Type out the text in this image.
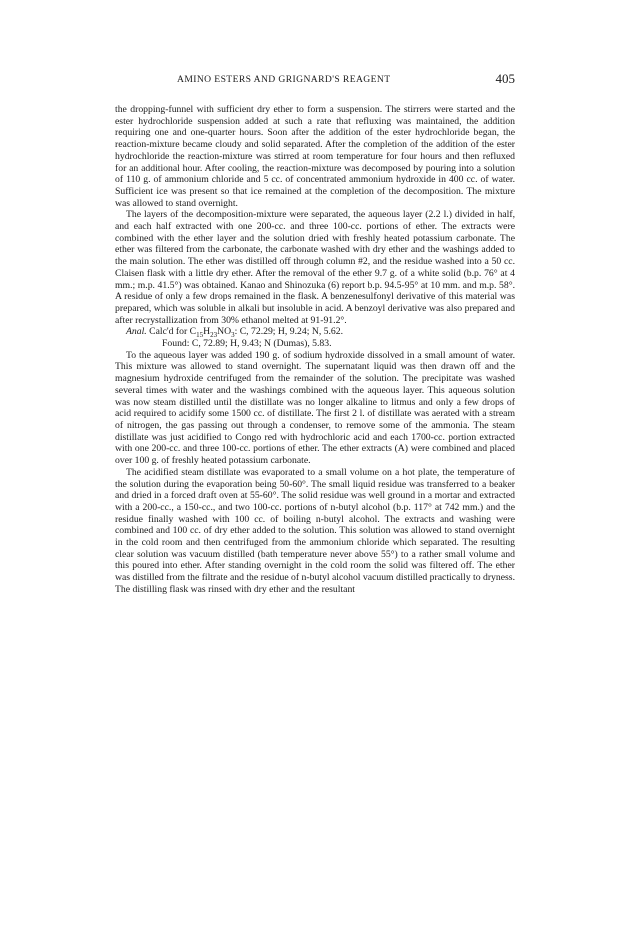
AMINO ESTERS AND GRIGNARD'S REAGENT	405

the dropping-funnel with sufficient dry ether to form a suspension. The stirrers were started and the ester hydrochloride suspension added at such a rate that refluxing was maintained, the addition requiring one and one-quarter hours. Soon after the addition of the ester hydrochloride began, the reaction-mixture became cloudy and solid separated. After the completion of the addition of the ester hydrochloride the reaction-mixture was stirred at room temperature for four hours and then refluxed for an additional hour. After cooling, the reaction-mixture was decomposed by pouring into a solution of 110 g. of ammonium chloride and 5 cc. of concentrated ammonium hydroxide in 400 cc. of water. Sufficient ice was present so that ice remained at the completion of the decomposition. The mixture was allowed to stand overnight.

The layers of the decomposition-mixture were separated, the aqueous layer (2.2 l.) divided in half, and each half extracted with one 200-cc. and three 100-cc. portions of ether. The extracts were combined with the ether layer and the solution dried with freshly heated potassium carbonate. The ether was filtered from the carbonate, the carbonate washed with dry ether and the washings added to the main solution. The ether was distilled off through column #2, and the residue washed into a 50 cc. Claisen flask with a little dry ether. After the removal of the ether 9.7 g. of a white solid (b.p. 76° at 4 mm.; m.p. 41.5°) was obtained. Kanao and Shinozuka (6) report b.p. 94.5-95° at 10 mm. and m.p. 58°. A residue of only a few drops remained in the flask. A benzenesulfonyl derivative of this material was prepared, which was soluble in alkali but insoluble in acid. A benzoyl derivative was also prepared and after recrystallization from 30% ethanol melted at 91-91.2°.

Anal. Calc'd for $C_{15}H_{23}NO_3$: C, 72.29; H, 9.24; N, 5.62.

Found: C, 72.89; H, 9.43; N (Dumas), 5.83.

To the aqueous layer was added 190 g. of sodium hydroxide dissolved in a small amount of water. This mixture was allowed to stand overnight. The supernatant liquid was then drawn off and the magnesium hydroxide centrifuged from the remainder of the solution. The precipitate was washed several times with water and the washings combined with the aqueous layer. This aqueous solution was now steam distilled until the distillate was no longer alkaline to litmus and only a few drops of acid required to acidify some 1500 cc. of distillate. The first 2 l. of distillate was aerated with a stream of nitrogen, the gas passing out through a condenser, to remove some of the ammonia. The steam distillate was just acidified to Congo red with hydrochloric acid and each 1700-cc. portion extracted with one 200-cc. and three 100-cc. portions of ether. The ether extracts (A) were combined and placed over 100 g. of freshly heated potassium carbonate.

The acidified steam distillate was evaporated to a small volume on a hot plate, the temperature of the solution during the evaporation being 50-60°. The small liquid residue was transferred to a beaker and dried in a forced draft oven at 55-60°. The solid residue was well ground in a mortar and extracted with a 200-cc., a 150-cc., and two 100-cc. portions of n-butyl alcohol (b.p. 117° at 742 mm.) and the residue finally washed with 100 cc. of boiling n-butyl alcohol. The extracts and washing were combined and 100 cc. of dry ether added to the solution. This solution was allowed to stand overnight in the cold room and then centrifuged from the ammonium chloride which separated. The resulting clear solution was vacuum distilled (bath temperature never above 55°) to a rather small volume and this poured into ether. After standing overnight in the cold room the solid was filtered off. The ether was distilled from the filtrate and the residue of n-butyl alcohol vacuum distilled practically to dryness. The distilling flask was rinsed with dry ether and the resultant
